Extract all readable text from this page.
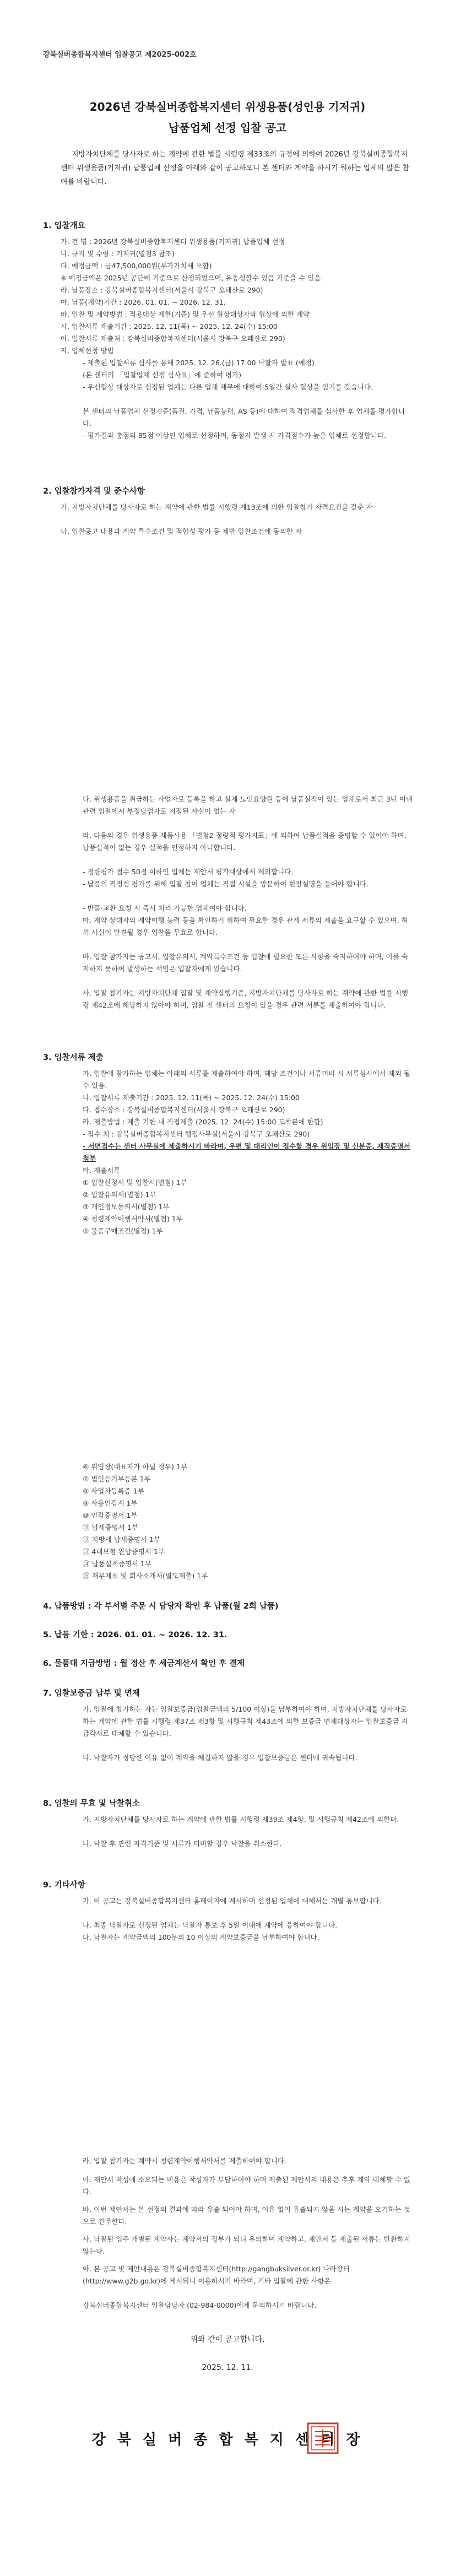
강북실버종합복지센터 입찰공고 제2025-002호
2026년 강북실버종합복지센터 위생용품(성인용 기저귀)
납품업체 선정 입찰 공고
지방자치단체를 당사자로 하는 계약에 관한 법률 시행령 제33조의 규정에 의하여 2026년 강북실버종합복지센터 위생용품(기저귀) 납품업체 선정을 아래와 같이 공고하오니 본 센터와 계약을 하시기 원하는 업체의 많은 참여를 바랍니다.
1. 입찰개요
가. 건 명 : 2026년 강북실버종합복지센터 위생용품(기저귀) 납품업체 선정
나. 규격 및 수량 : 기저귀(별첨3 참조)
다. 예정금액 : 금47,500,000원(부가가치세 포함)
※ 예정금액은 2025년 공단에 기준으로 산정되었으며, 유동성할수 있음 기준을 수 있음.
라. 납품장소 : 강북실버종합복지센터(서울시 강북구 오패산로 290)
마. 납품(계약)기간 : 2026. 01. 01. ~ 2026. 12. 31.
바. 입찰 및 계약방법 : 적용대상 제한(기준) 및 우선 협상대상자와 협상에 의한 계약
사. 입찰서류 제출기간 : 2025. 12. 11(목) ~ 2025. 12. 24(수) 15:00
아. 입찰서류 제출처 : 강북실버종합복지센터(서울시 강북구 오패산로 290)
자. 업체선정 방법
- 제출된 입찰서류 심사를 통해 2025. 12. 26.(금) 17:00 낙찰자 발표 (예정)
(본 센터의 「입찰업체 선정 심사표」에 준하여 평가)
- 우선협상 대상자로 선정된 업체는 다른 업체 재무에 대하여 5일간 실사 협상을 임기를 갖습니다.
본 센터의 납품업체 선정기준(품질, 가격, 납품능력, AS 등)에 대하여 적격업체를 심사한 후 업체를 평가합니다.
- 평가결과 총점의 85점 이상인 업체로 선정하며, 동점자 발생 시 가격점수가 높은 업체로 선정합니다.
2. 입찰참가자격 및 준수사항
가. 지방자치단체를 당사자로 하는 계약에 관한 법률 시행령 제13조에 의한 입찰참가 자격요건을 갖춘 자
나. 입찰공고 내용과 계약 특수조건 및 적합성 평가 등 제반 입찰조건에 동의한 자
다. 위생용품을 취급하는 사업자로 등록을 하고 실제 노인요양원 등에 납품실적이 있는 업체로서 최근 3년 이내 관련 입찰에서 부정당업자로 지정된 사실이 없는 자
라. 다음의 경우 위생용품 제품사용 「별첨2 정량적 평가지표」에 의하여 납품실적을 증명할 수 있어야 하며, 납품실적이 없는 경우 실적을 인정하지 아니합니다.
- 정량평가 점수 50점 이하인 업체는 제안서 평가대상에서 제외합니다.
- 납품의 적정성 평가를 위해 입찰 참여 업체는 직접 시설을 방문하여 현장설명을 들어야 합니다.
- 반품·교환 요청 시 즉시 처리 가능한 업체여야 합니다.
마. 계약 상대자의 계약이행 능력 등을 확인하기 위하여 필요한 경우 관계 서류의 제출을 요구할 수 있으며, 허위 사실이 발견될 경우 입찰을 무효로 합니다.
바. 입찰 참가자는 공고서, 입찰유의서, 계약특수조건 등 입찰에 필요한 모든 사항을 숙지하여야 하며, 이를 숙지하지 못하여 발생하는 책임은 입찰자에게 있습니다.
사. 입찰 참가자는 지방자치단체 입찰 및 계약집행기준, 지방자치단체를 당사자로 하는 계약에 관한 법률 시행령 제42조에 해당하지 않아야 하며, 입찰 전 센터의 요청이 있을 경우 관련 서류를 제출하여야 합니다.
3. 입찰서류 제출
가. 입찰에 참가하는 업체는 아래의 서류를 제출하여야 하며, 해당 조건이나 서류미비 시 서류심사에서 제외 될 수 있음.
나. 입찰서류 제출기간 : 2025. 12. 11(목) ~ 2025. 12. 24(수) 15:00
다. 접수장소 : 강북실버종합복지센터(서울시 강북구 오패산로 290)
라. 제출방법 : 제출 기한 내 직접제출 (2025. 12. 24(수) 15:00 도착분에 한함)
- 접수 처 : 강북실버종합복지센터 행정사무실(서울시 강북구 오패산로 290)
- 서면접수는 센터 사무실에 제출하시기 바라며, 우편 및 대리인이 접수할 경우 위임장 및 신분증, 재직증명서 첨부
마. 제출서류
① 입찰신청서 및 입찰서(별첨) 1부
② 입찰유의서(별첨) 1부
③ 개인정보동의서(별첨) 1부
④ 청렴계약이행서약서(별첨) 1부
⑤ 물품구매조건(별첨) 1부
⑥ 위임장(대표자가 아닐 경우) 1부
⑦ 법인등기부등본 1부
⑧ 사업자등록증 1부
⑨ 사용인감계 1부
⑩ 인감증명서 1부
⑪ 납세증명서 1부
⑫ 지방세 납세증명서 1부
⑬ 4대보험 완납증명서 1부
⑭ 납품실적증명서 1부
⑮ 재무제표 및 회사소개서(별도제출) 1부
4. 납품방법 : 각 부서별 주문 시 담당자 확인 후 납품(월 2회 납품)
5. 납품 기한 : 2026. 01. 01. ~ 2026. 12. 31.
6. 물품대 지급방법 : 월 정산 후 세금계산서 확인 후 결제
7. 입찰보증금 납부 및 면제
가. 입찰에 참가하는 자는 입찰보증금(입찰금액의 5/100 이상)을 납부하여야 하며, 지방자치단체를 당사자로 하는 계약에 관한 법률 시행령 제37조 제3항 및 시행규칙 제43조에 의한 보증금 면제대상자는 입찰보증금 지급각서로 대체할 수 있습니다.
나. 낙찰자가 정당한 이유 없이 계약을 체결하지 않을 경우 입찰보증금은 센터에 귀속됩니다.
8. 입찰의 무효 및 낙찰취소
가. 지방자치단체를 당사자로 하는 계약에 관한 법률 시행령 제39조 제4항, 및 시행규칙 제42조에 의한다.
나. 낙찰 후 관련 자격기준 및 서류가 미비할 경우 낙찰을 취소한다.
9. 기타사항
가. 이 공고는 강북실버종합복지센터 홈페이지에 게시하며 선정된 업체에 대해서는 개별 통보합니다.
나. 최종 낙찰자로 선정된 업체는 낙찰자 통보 후 5일 이내에 계약에 응하여야 합니다.
다. 낙찰자는 계약금액의 100분의 10 이상의 계약보증금을 납부하여야 합니다.
라. 입찰 참가자는 계약시 청렴계약이행서약서를 제출하여야 합니다.
마. 제안서 작성에 소요되는 비용은 작성자가 부담하여야 하며 제출된 제안서의 내용은 추후 계약 대체할 수 없다.
바. 이번 제안서는 본 선정의 결과에 따라 유출 되어야 하며, 이유 없이 유출되지 않을 시는 계약을 오기하는 것으로 간주한다.
사. 낙찰된 입주 개별된 계약사는 계약서의 정부가 되니 유의하며 계약하고, 제안서 등 제출된 서류는 반환하지 않는다.
아. 본 공고 및 제안내용은 강북실버종합복지센터(http://gangbuksilver.or.kr) 나라장터(http://www.g2b.go.kr)에 게시되니 이용하시기 바라며, 기타 입찰에 관한 사항은
강북실버종합복지센터 입찰담당자 (02-984-0000)에게 문의하시기 바랍니다.
위와 같이 공고합니다.
2025. 12. 11.
강 북 실 버 종 합 복 지 센 터 장
